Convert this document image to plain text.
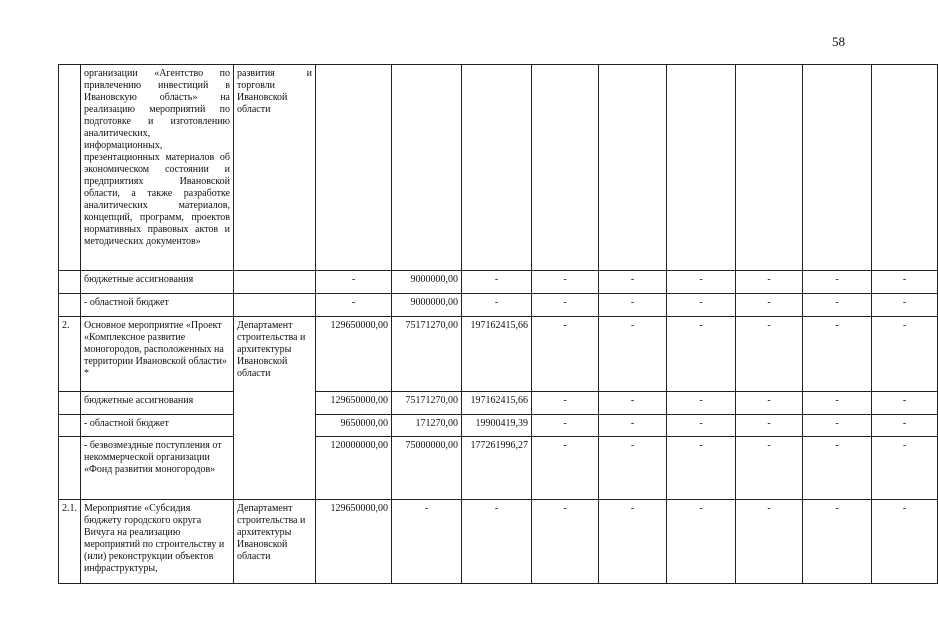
58
	организации «Агентство по привлечению инвестиций в Ивановскую область» на реализацию мероприятий по подготовке и изготовлению аналитических, информационных, презентационных материалов об экономическом состоянии и предприятиях Ивановской области, а также разработке аналитических материалов, концепций, программ, проектов нормативных правовых актов и методических документов»	развития и торговли Ивановской области									
	бюджетные ассигнования		-	9000000,00	-	-	-	-	-	-	-
	- областной бюджет		-	9000000,00	-	-	-	-	-	-	-
2.	Основное мероприятие «Проект «Комплексное развитие моногородов, расположенных на территории Ивановской области» *	Департамент строительства и архитектуры Ивановской области	129650000,00	75171270,00	197162415,66	-	-	-	-	-	-
	бюджетные ассигнования		129650000,00	75171270,00	197162415,66	-	-	-	-	-	-
	- областной бюджет		9650000,00	171270,00	19900419,39	-	-	-	-	-	-
	- безвозмездные поступления от некоммерческой организации «Фонд развития моногородов»		120000000,00	75000000,00	177261996,27	-	-	-	-	-	-
2.1.	Мероприятие «Субсидия бюджету городского округа Вичуга на реализацию мероприятий по строительству и (или) реконструкции объектов инфраструктуры,	Департамент строительства и архитектуры Ивановской области	129650000,00	-	-	-	-	-	-	-	-
